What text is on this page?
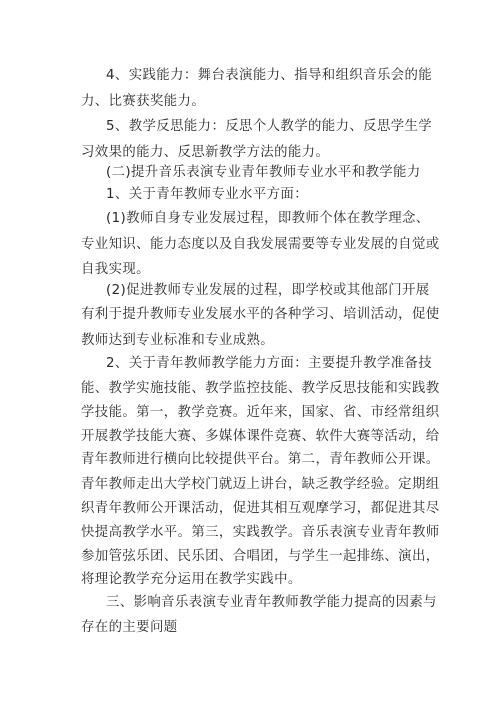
4、实践能力：舞台表演能力、指导和组织音乐会的能
力、比赛获奖能力。
5、教学反思能力：反思个人教学的能力、反思学生学
习效果的能力、反思新教学方法的能力。
(二)提升音乐表演专业青年教师专业水平和教学能力
1、关于青年教师专业水平方面：
(1)教师自身专业发展过程，即教师个体在教学理念、
专业知识、能力态度以及自我发展需要等专业发展的自觉或
自我实现。
(2)促进教师专业发展的过程，即学校或其他部门开展
有利于提升教师专业发展水平的各种学习、培训活动，促使
教师达到专业标准和专业成熟。
2、关于青年教师教学能力方面：主要提升教学准备技
能、教学实施技能、教学监控技能、教学反思技能和实践教
学技能。第一，教学竞赛。近年来，国家、省、市经常组织
开展教学技能大赛、多媒体课件竞赛、软件大赛等活动，给
青年教师进行横向比较提供平台。第二，青年教师公开课。
青年教师走出大学校门就迈上讲台，缺乏教学经验。定期组
织青年教师公开课活动，促进其相互观摩学习，都促进其尽
快提高教学水平。第三，实践教学。音乐表演专业青年教师
参加管弦乐团、民乐团、合唱团，与学生一起排练、演出，
将理论教学充分运用在教学实践中。
三、影响音乐表演专业青年教师教学能力提高的因素与
存在的主要问题
